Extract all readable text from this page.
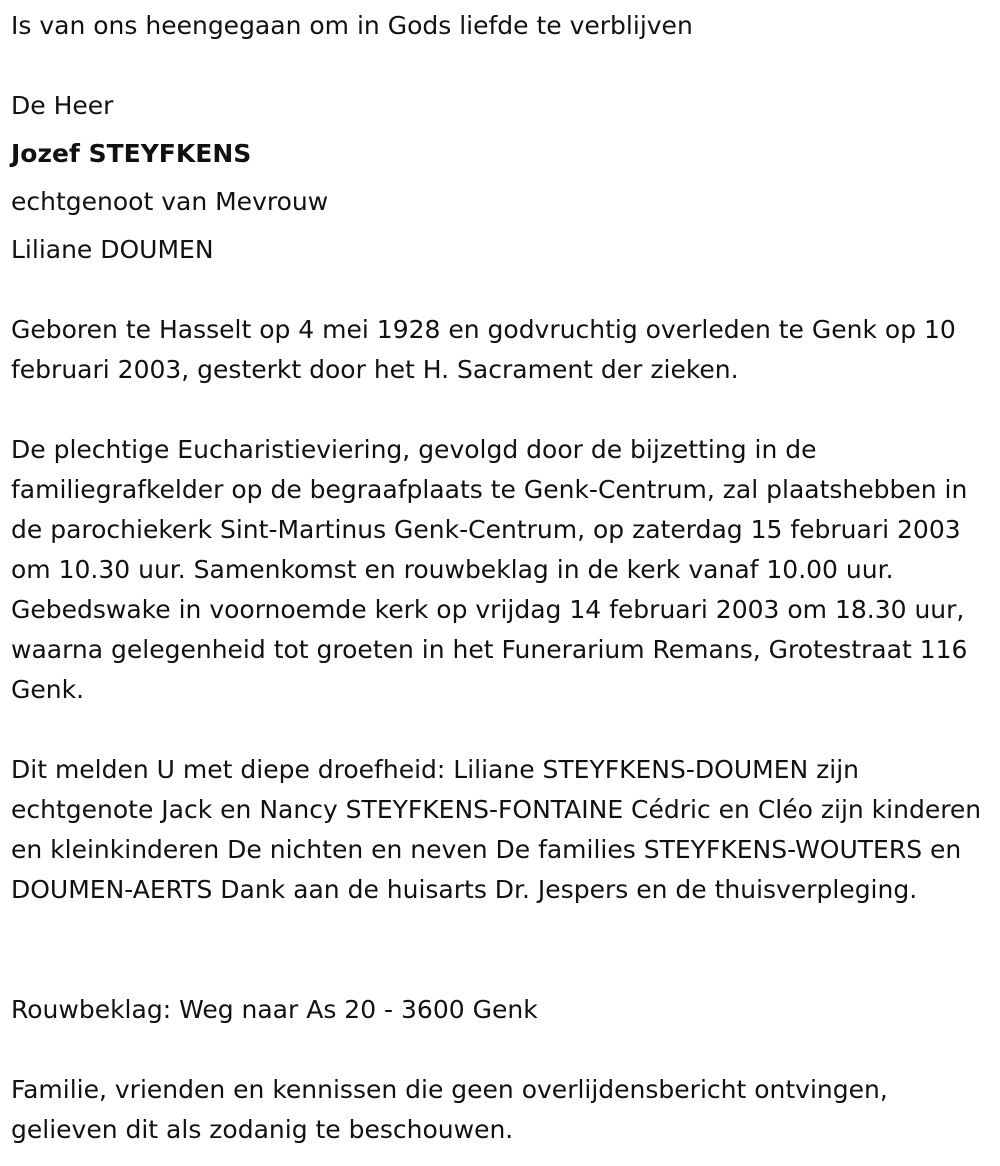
Is van ons heengegaan om in Gods liefde te verblijven

De Heer

Jozef STEYFKENS

echtgenoot van Mevrouw

Liliane DOUMEN

Geboren te Hasselt op 4 mei 1928 en godvruchtig overleden te Genk op 10 februari 2003, gesterkt door het H. Sacrament der zieken.

De plechtige Eucharistieviering, gevolgd door de bijzetting in de familiegrafkelder op de begraafplaats te Genk-Centrum, zal plaatshebben in de parochiekerk Sint-Martinus Genk-Centrum, op zaterdag 15 februari 2003 om 10.30 uur. Samenkomst en rouwbeklag in de kerk vanaf 10.00 uur. Gebedswake in voornoemde kerk op vrijdag 14 februari 2003 om 18.30 uur, waarna gelegenheid tot groeten in het Funerarium Remans, Grotestraat 116 Genk.

Dit melden U met diepe droefheid: Liliane STEYFKENS-DOUMEN zijn echtgenote Jack en Nancy STEYFKENS-FONTAINE Cédric en Cléo zijn kinderen en kleinkinderen De nichten en neven De families STEYFKENS-WOUTERS en DOUMEN-AERTS Dank aan de huisarts Dr. Jespers en de thuisverpleging.

Rouwbeklag: Weg naar As 20 - 3600 Genk

Familie, vrienden en kennissen die geen overlijdensbericht ontvingen, gelieven dit als zodanig te beschouwen.
